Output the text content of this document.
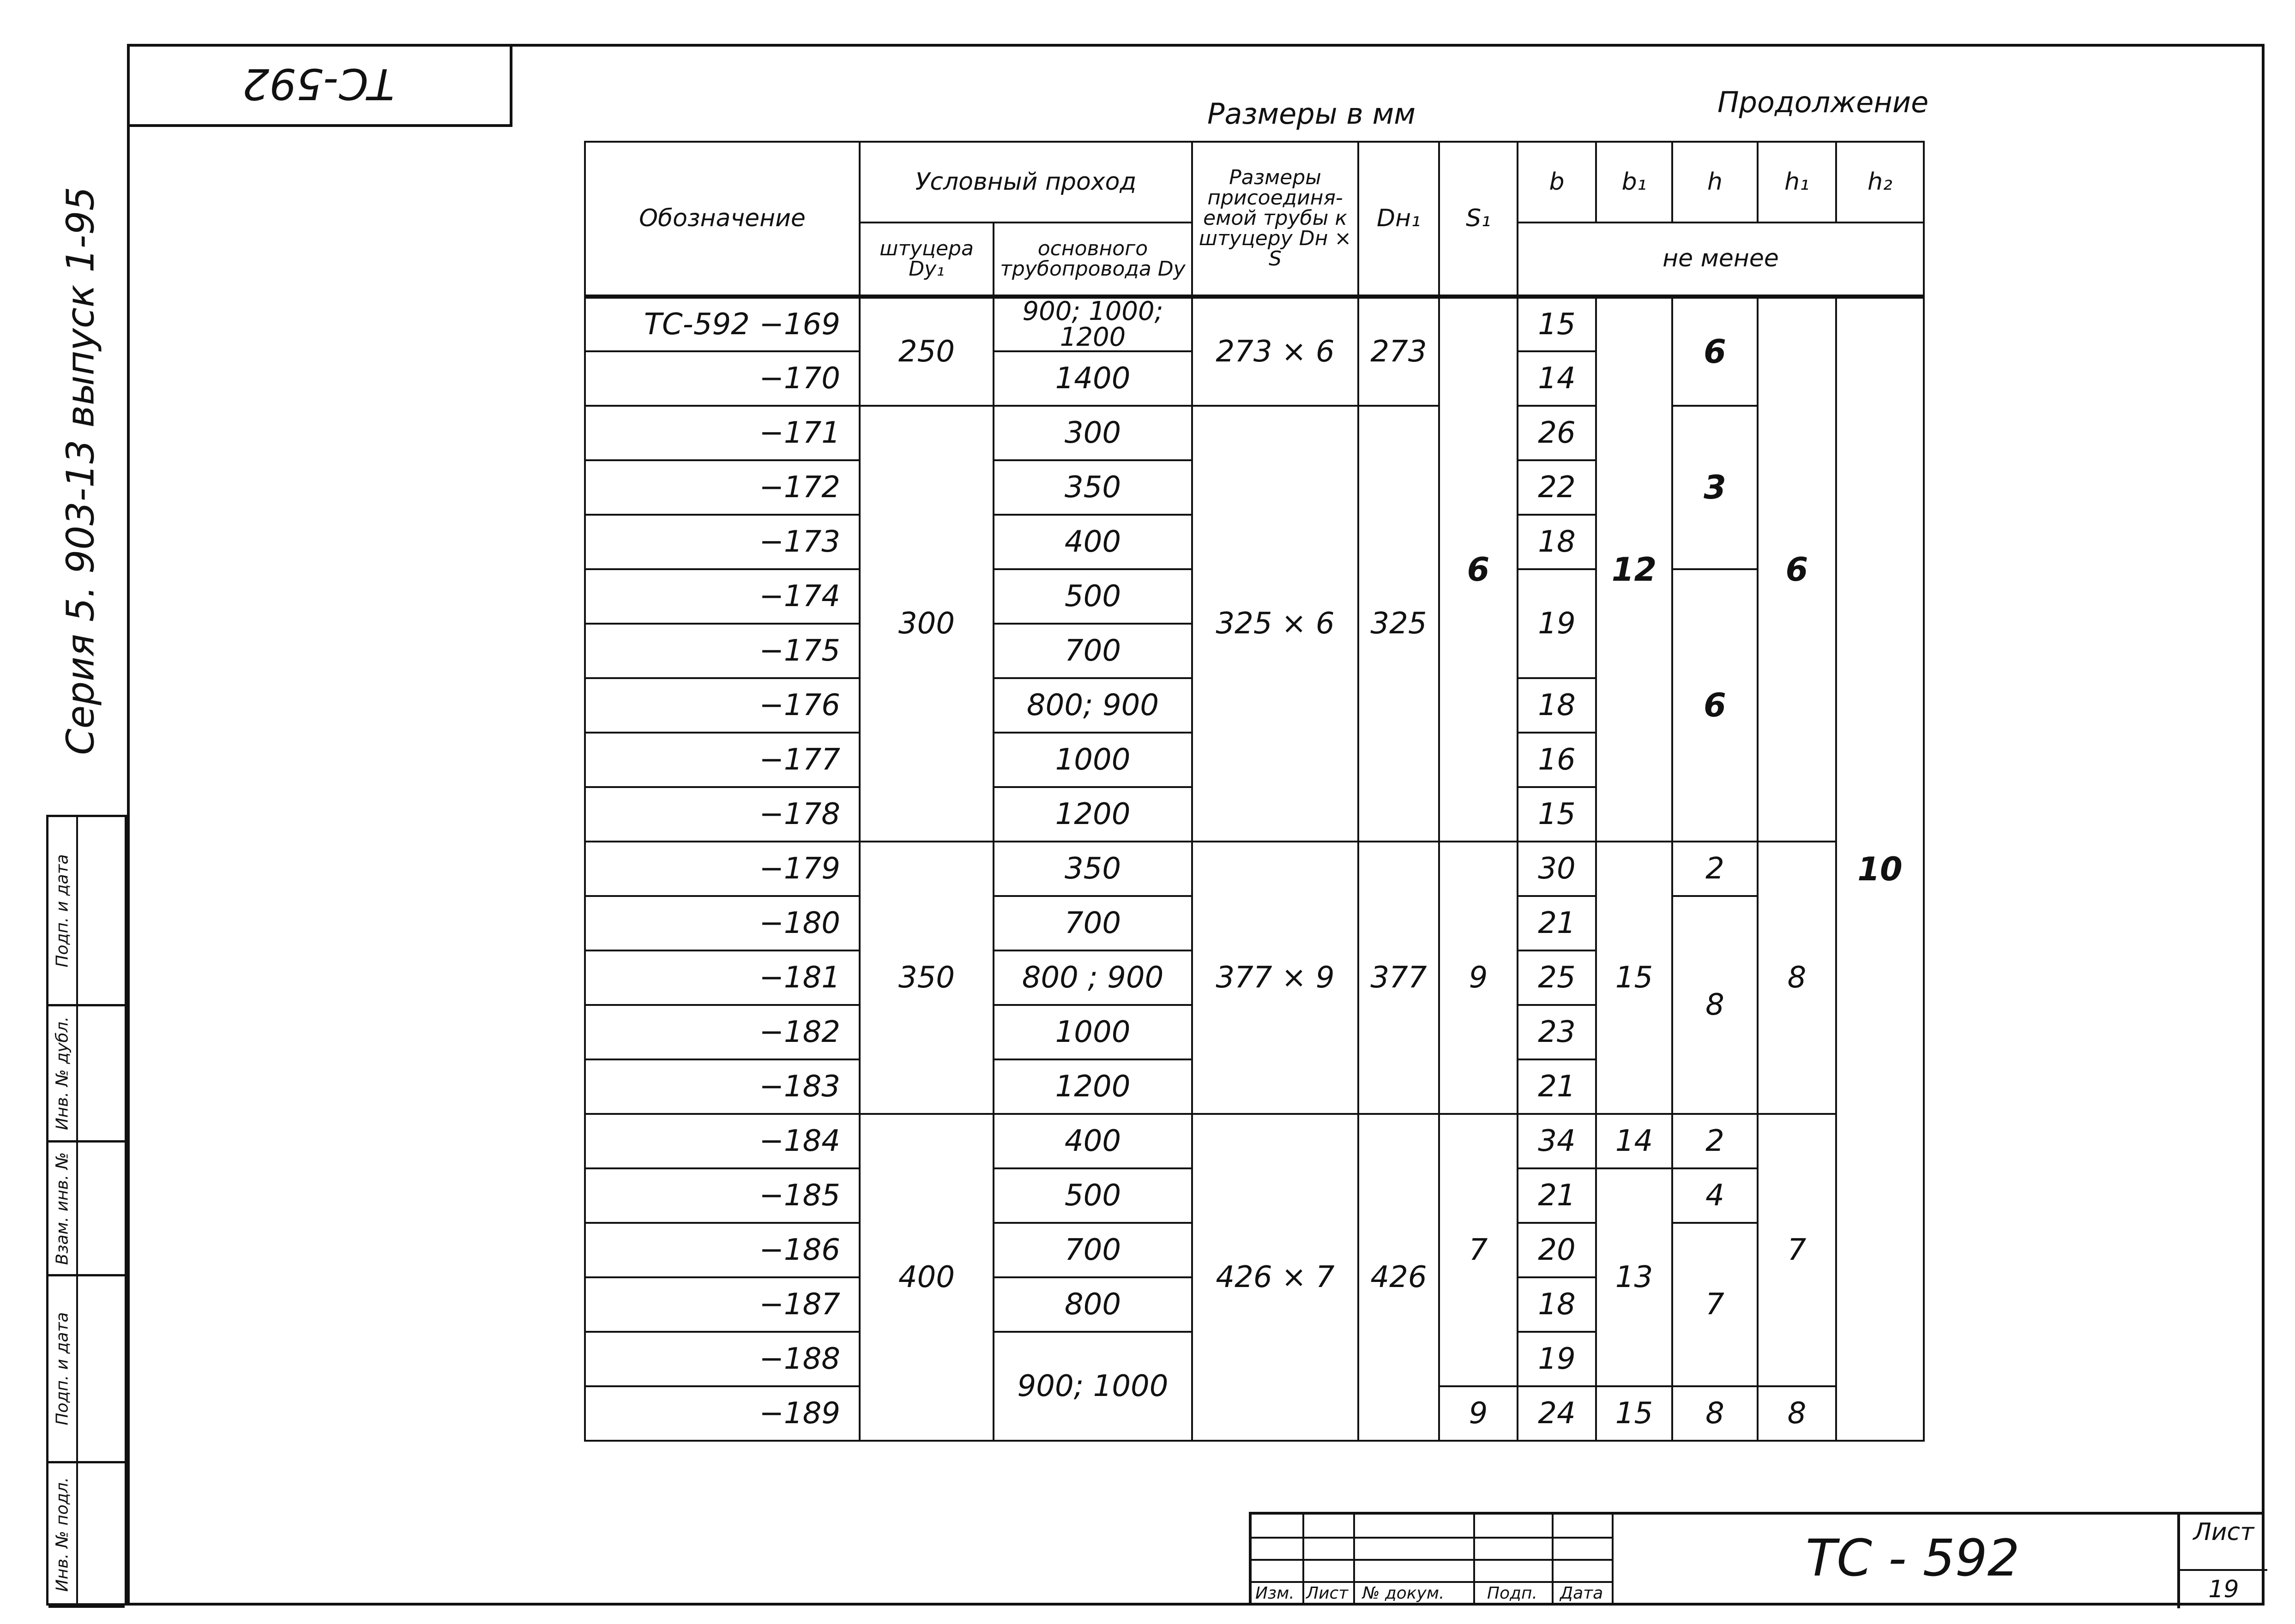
TC-592
Серия 5. 903-13 выпуск 1-95
Подп. и дата
Инв. № дубл.
Взам. инв. №
Подп. и дата
Инв. № подл.
Размеры в мм	Продолжение
Обозначение	Условный проход		Размеры присоединя-емой трубы к штуцеру Dн × S	Dн₁	S₁	b	b₁	h	h₁	h₂
	штуцера Dy₁	основного трубопровода Dy				не менее				
ТС-592 −169	250	900; 1000; 1200	273 × 6	273	6	15	12	6	6	10
−170		1400				14				
−171	300	300	325 × 6	325		26		3		
−172		350				22				
−173		400				18				
−174		500				19		6		
−175		700								
−176		800; 900				18				
−177		1000				16				
−178		1200				15				
−179	350	350	377 × 9	377	9	30	15	2	8	
−180		700				21		8		
−181		800 ; 900				25				
−182		1000				23				
−183		1200				21				
−184	400	400	426 × 7	426	7	34	14	2	7	
−185		500				21	13	4		
−186		700				20		7		
−187		800				18				
−188		900; 1000				19				
−189					9	24	15	8	8	
Изм. Лист № докум.	Подп. Дата
ТС - 592	Лист
19
